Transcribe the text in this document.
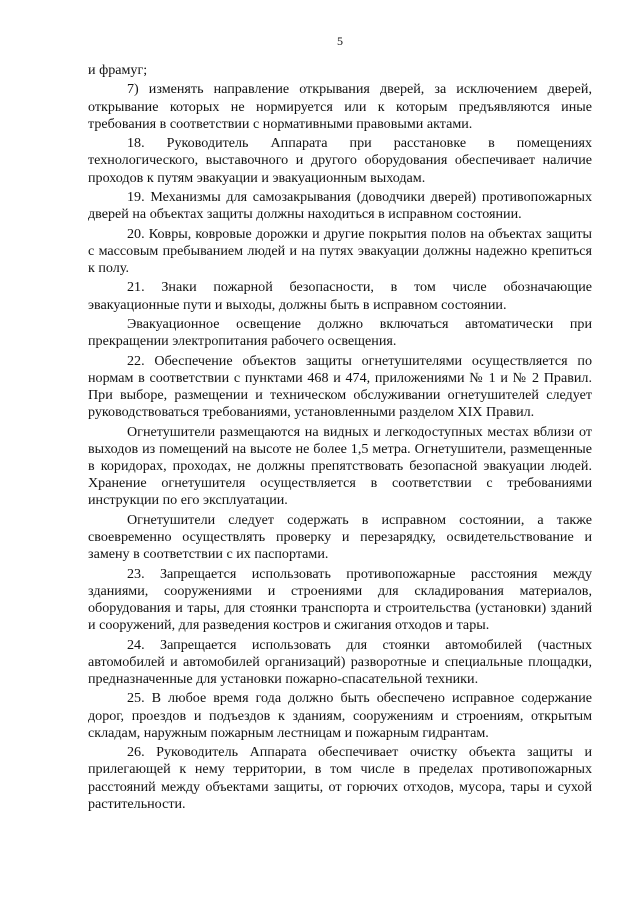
5

и фрамуг;

7) изменять направление открывания дверей, за исключением дверей, открывание которых не нормируется или к которым предъявляются иные требования в соответствии с нормативными правовыми актами.

18. Руководитель Аппарата при расстановке в помещениях технологического, выставочного и другого оборудования обеспечивает наличие проходов к путям эвакуации и эвакуационным выходам.

19. Механизмы для самозакрывания (доводчики дверей) противопожарных дверей на объектах защиты должны находиться в исправном состоянии.

20. Ковры, ковровые дорожки и другие покрытия полов на объектах защиты с массовым пребыванием людей и на путях эвакуации должны надежно крепиться к полу.

21. Знаки пожарной безопасности, в том числе обозначающие эвакуационные пути и выходы, должны быть в исправном состоянии.

Эвакуационное освещение должно включаться автоматически при прекращении электропитания рабочего освещения.

22. Обеспечение объектов защиты огнетушителями осуществляется по нормам в соответствии с пунктами 468 и 474, приложениями № 1 и № 2 Правил. При выборе, размещении и техническом обслуживании огнетушителей следует руководствоваться требованиями, установленными разделом XIX Правил.

Огнетушители размещаются на видных и легкодоступных местах вблизи от выходов из помещений на высоте не более 1,5 метра. Огнетушители, размещенные в коридорах, проходах, не должны препятствовать безопасной эвакуации людей. Хранение огнетушителя осуществляется в соответствии с требованиями инструкции по его эксплуатации.

Огнетушители следует содержать в исправном состоянии, а также своевременно осуществлять проверку и перезарядку, освидетельствование и замену в соответствии с их паспортами.

23. Запрещается использовать противопожарные расстояния между зданиями, сооружениями и строениями для складирования материалов, оборудования и тары, для стоянки транспорта и строительства (установки) зданий и сооружений, для разведения костров и сжигания отходов и тары.

24. Запрещается использовать для стоянки автомобилей (частных автомобилей и автомобилей организаций) разворотные и специальные площадки, предназначенные для установки пожарно-спасательной техники.

25. В любое время года должно быть обеспечено исправное содержание дорог, проездов и подъездов к зданиям, сооружениям и строениям, открытым складам, наружным пожарным лестницам и пожарным гидрантам.

26. Руководитель Аппарата обеспечивает очистку объекта защиты и прилегающей к нему территории, в том числе в пределах противопожарных расстояний между объектами защиты, от горючих отходов, мусора, тары и сухой растительности.
